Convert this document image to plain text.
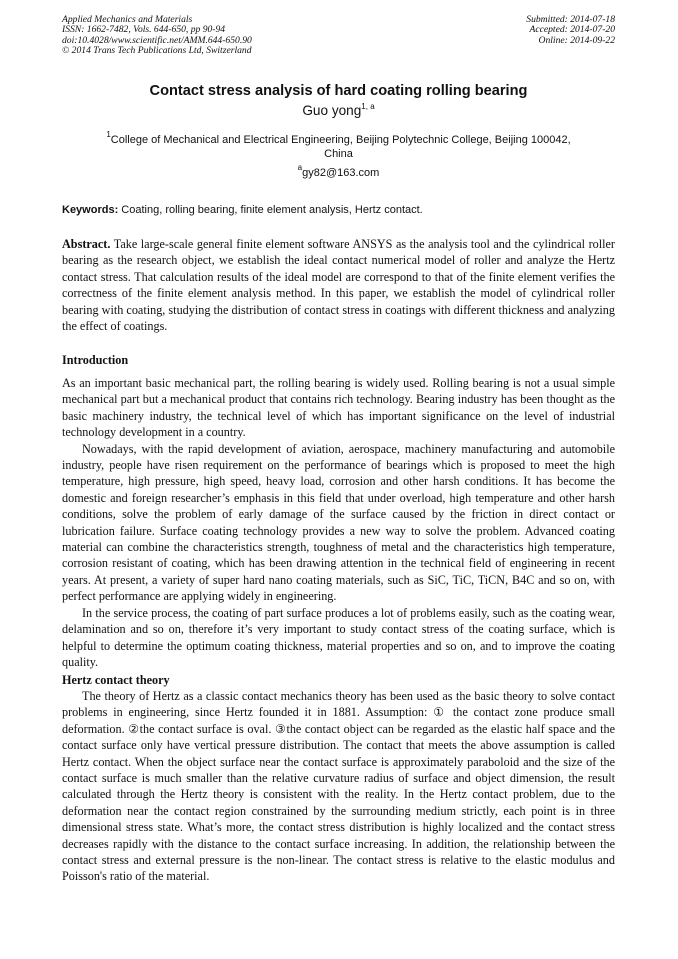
Applied Mechanics and Materials
ISSN: 1662-7482, Vols. 644-650, pp 90-94
doi:10.4028/www.scientific.net/AMM.644-650.90
© 2014 Trans Tech Publications Ltd, Switzerland
Submitted: 2014-07-18
Accepted: 2014-07-20
Online: 2014-09-22
Contact stress analysis of hard coating rolling bearing
Guo yong$^{1, a}$
$^1$College of Mechanical and Electrical Engineering, Beijing Polytechnic College, Beijing 100042,
China
$^a$gy82@163.com
Keywords: Coating, rolling bearing, finite element analysis, Hertz contact.

Abstract. Take large-scale general finite element software ANSYS as the analysis tool and the cylindrical roller bearing as the research object, we establish the ideal contact numerical model of roller and analyze the Hertz contact stress. That calculation results of the ideal model are correspond to that of the finite element verifies the correctness of the finite element analysis method. In this paper, we establish the model of cylindrical roller bearing with coating, studying the distribution of contact stress in coatings with different thickness and analyzing the effect of coatings.

Introduction

As an important basic mechanical part, the rolling bearing is widely used. Rolling bearing is not a usual simple mechanical part but a mechanical product that contains rich technology. Bearing industry has been thought as the basic machinery industry, the technical level of which has important significance on the level of industrial technology development in a country.

Nowadays, with the rapid development of aviation, aerospace, machinery manufacturing and automobile industry, people have risen requirement on the performance of bearings which is proposed to meet the high temperature, high pressure, high speed, heavy load, corrosion and other harsh conditions. It has become the domestic and foreign researcher’s emphasis in this field that under overload, high temperature and other harsh conditions, solve the problem of early damage of the surface caused by the friction in direct contact or lubrication failure. Surface coating technology provides a new way to solve the problem. Advanced coating material can combine the characteristics strength, toughness of metal and the characteristics high temperature, corrosion resistant of coating, which has been drawing attention in the technical field of engineering in recent years. At present, a variety of super hard nano coating materials, such as SiC, TiC, TiCN, B4C and so on, with perfect performance are applying widely in engineering.

In the service process, the coating of part surface produces a lot of problems easily, such as the coating wear, delamination and so on, therefore it’s very important to study contact stress of the coating surface, which is helpful to determine the optimum coating thickness, material properties and so on, and to improve the coating quality.

Hertz contact theory

The theory of Hertz as a classic contact mechanics theory has been used as the basic theory to solve contact problems in engineering, since Hertz founded it in 1881. Assumption: ① the contact zone produce small deformation. ②the contact surface is oval. ③the contact object can be regarded as the elastic half space and the contact surface only have vertical pressure distribution. The contact that meets the above assumption is called Hertz contact. When the object surface near the contact surface is approximately paraboloid and the size of the contact surface is much smaller than the relative curvature radius of surface and object dimension, the result calculated through the Hertz theory is consistent with the reality. In the Hertz contact problem, due to the deformation near the contact region constrained by the surrounding medium strictly, each point is in three dimensional stress state. What’s more, the contact stress distribution is highly localized and the contact stress decreases rapidly with the distance to the contact surface increasing. In addition, the relationship between the contact stress and external pressure is the non-linear. The contact stress is relative to the elastic modulus and Poisson's ratio of the material.
